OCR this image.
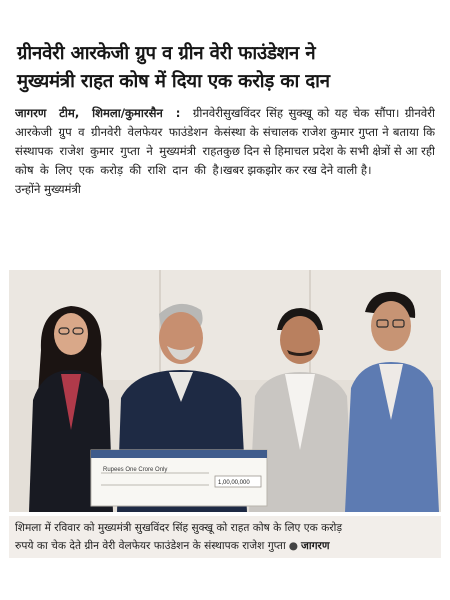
ग्रीनवेरी आरकेजी ग्रुप व ग्रीन वेरी फाउंडेशन ने
मुख्यमंत्री राहत कोष में दिया एक करोड़ का दान
जागरण टीम, शिमला/कुमारसैन : ग्रीनवेरी आरकेजी ग्रुप व ग्रीनवेरी वेलफेयर फाउंडेशन के संस्थापक राजेश कुमार गुप्ता ने मुख्यमंत्री राहत कोष के लिए एक करोड़ की राशि दान की है। उन्होंने मुख्यमंत्री
सुखविंदर सिंह सुक्खू को यह चेक सौंपा। ग्रीनवेरी संस्था के संचालक राजेश कुमार गुप्ता ने बताया कि कुछ दिन से हिमाचल प्रदेश के सभी क्षेत्रों से आ रही खबर झकझोर कर रख देने वाली है।
Rupees One Crore Only
1,00,00,000
शिमला में रविवार को मुख्यमंत्री सुखविंदर सिंह सुक्खू को राहत कोष के लिए एक करोड़
रुपये का चेक देते ग्रीन वेरी वेलफेयर फाउंडेशन के संस्थापक राजेश गुप्ता ● जागरण
